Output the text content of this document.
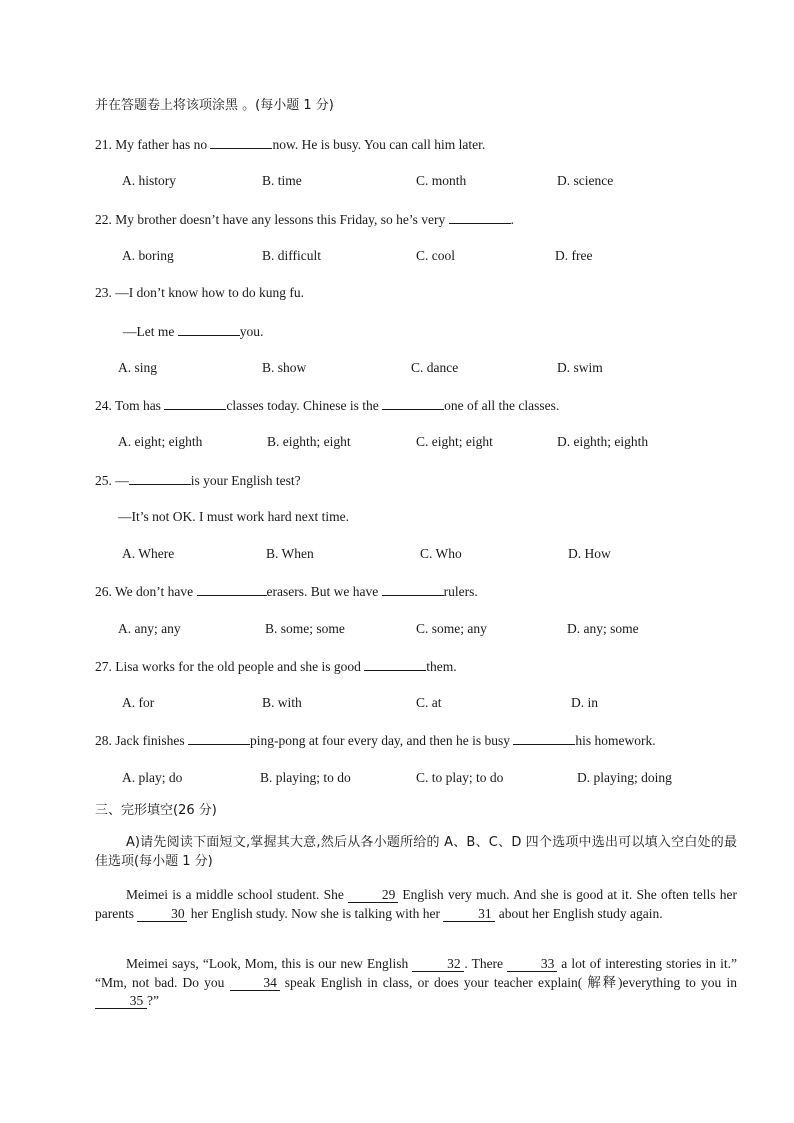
并在答题卷上将该项涂黑 。(每小题 1 分)
21. My father has no	now. He is busy. You can call him later.
A. history	B. time	C. month	D. science
22. My brother doesn’t have any lessons this Friday, so he’s very	.
A. boring	B. difficult	C. cool	D. free
23. —I don’t know how to do kung fu.
—Let me	you.
A. sing	B. show	C. dance	D. swim
24. Tom has	classes today. Chinese is the	one of all the classes.
A. eight; eighth	B. eighth; eight	C. eight; eight	D. eighth; eighth
25. —	is your English test?
—It’s not OK. I must work hard next time.
A. Where	B. When	C. Who	D. How
26. We don’t have	erasers. But we have	rulers.
A. any; any	B. some; some	C. some; any	D. any; some
27. Lisa works for the old people and she is good	them.
A. for	B. with	C. at	D. in
28. Jack finishes	ping-pong at four every day, and then he is busy	his homework.
A. play; do	B. playing; to do	C. to play; to do	D. playing; doing
三、完形填空(26 分)
A)请先阅读下面短文,掌握其大意,然后从各小题所给的 A、B、C、D 四个选项中选出可以填入空白处的最佳选项(每小题 1 分)
Meimei is a middle school student. She	29 English very much. And she is good at it. She often tells her parents	30 her English study. Now she is talking with her	31 about her English study again.
Meimei says, “Look, Mom, this is our new English	32 . There	33 a lot of interesting stories in it.” “Mm, not bad. Do you	34 speak English in class, or does your teacher explain( 解释)everything to you in 35 ?”
